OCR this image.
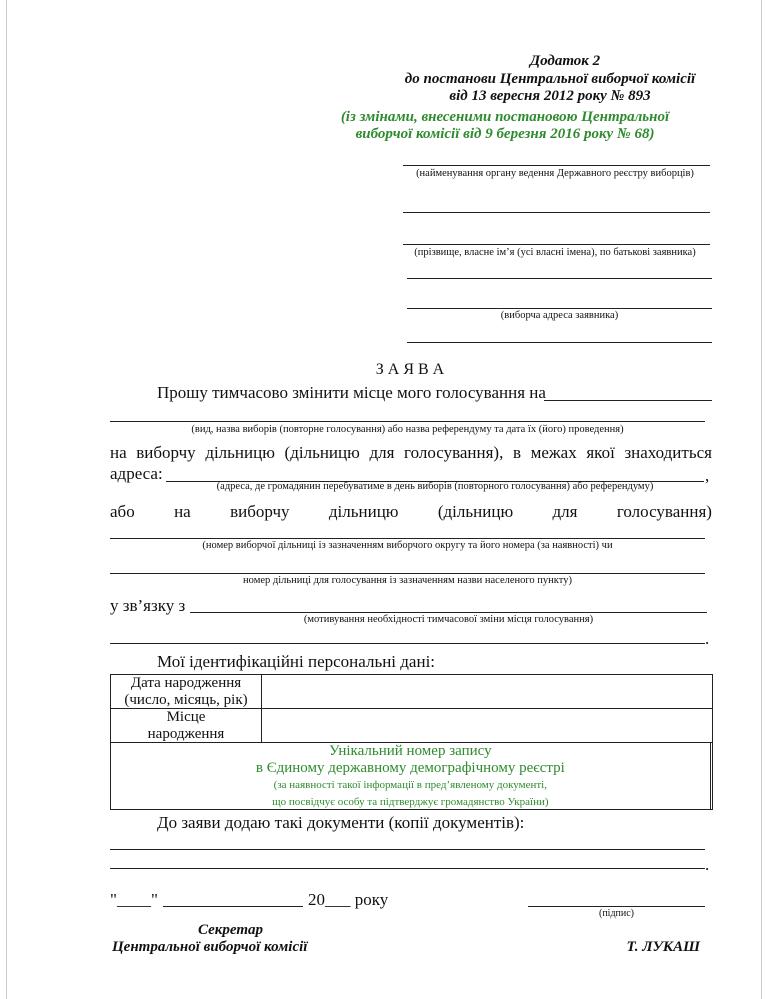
Додаток 2
до постанови Центральної виборчої комісії
від 13 вересня 2012 року № 893
(із змінами, внесеними постановою Центральної
виборчої комісії від 9 березня 2016 року № 68)
(найменування органу ведення Державного реєстру виборців)
(прізвище, власне ім’я (усі власні імена), по батькові заявника)
(виборча адреса заявника)
З А Я В А
Прошу тимчасово змінити місце мого голосування на
(вид, назва виборів (повторне голосування) або назва референдуму та дата їх (його) проведення)
на виборчу дільницю (дільницю для голосування), в межах якої знаходиться
адреса:	,
(адреса, де громадянин перебуватиме в день виборів (повторного голосування) або референдуму)
або на виборчу дільницю (дільницю для голосування)
(номер виборчої дільниці із зазначенням виборчого округу та його номера (за наявності) чи
номер дільниці для голосування із зазначенням назви населеного пункту)
у зв’язку з
(мотивування необхідності тимчасової зміни місця голосування)
.
Мої ідентифікаційні персональні дані:
Дата народження
(число, місяць, рік)		
Місце
народження		
Унікальний номер запису
в Єдиному державному демографічному реєстрі
(за наявності такої інформації в пред’явленому документі,
що посвідчує особу та підтверджує громадянство України)		
До заяви додаю такі документи (копії документів):
.
"____"	20___ року
(підпис)
Секретар
Центральної виборчої комісії	Т. ЛУКАШ
